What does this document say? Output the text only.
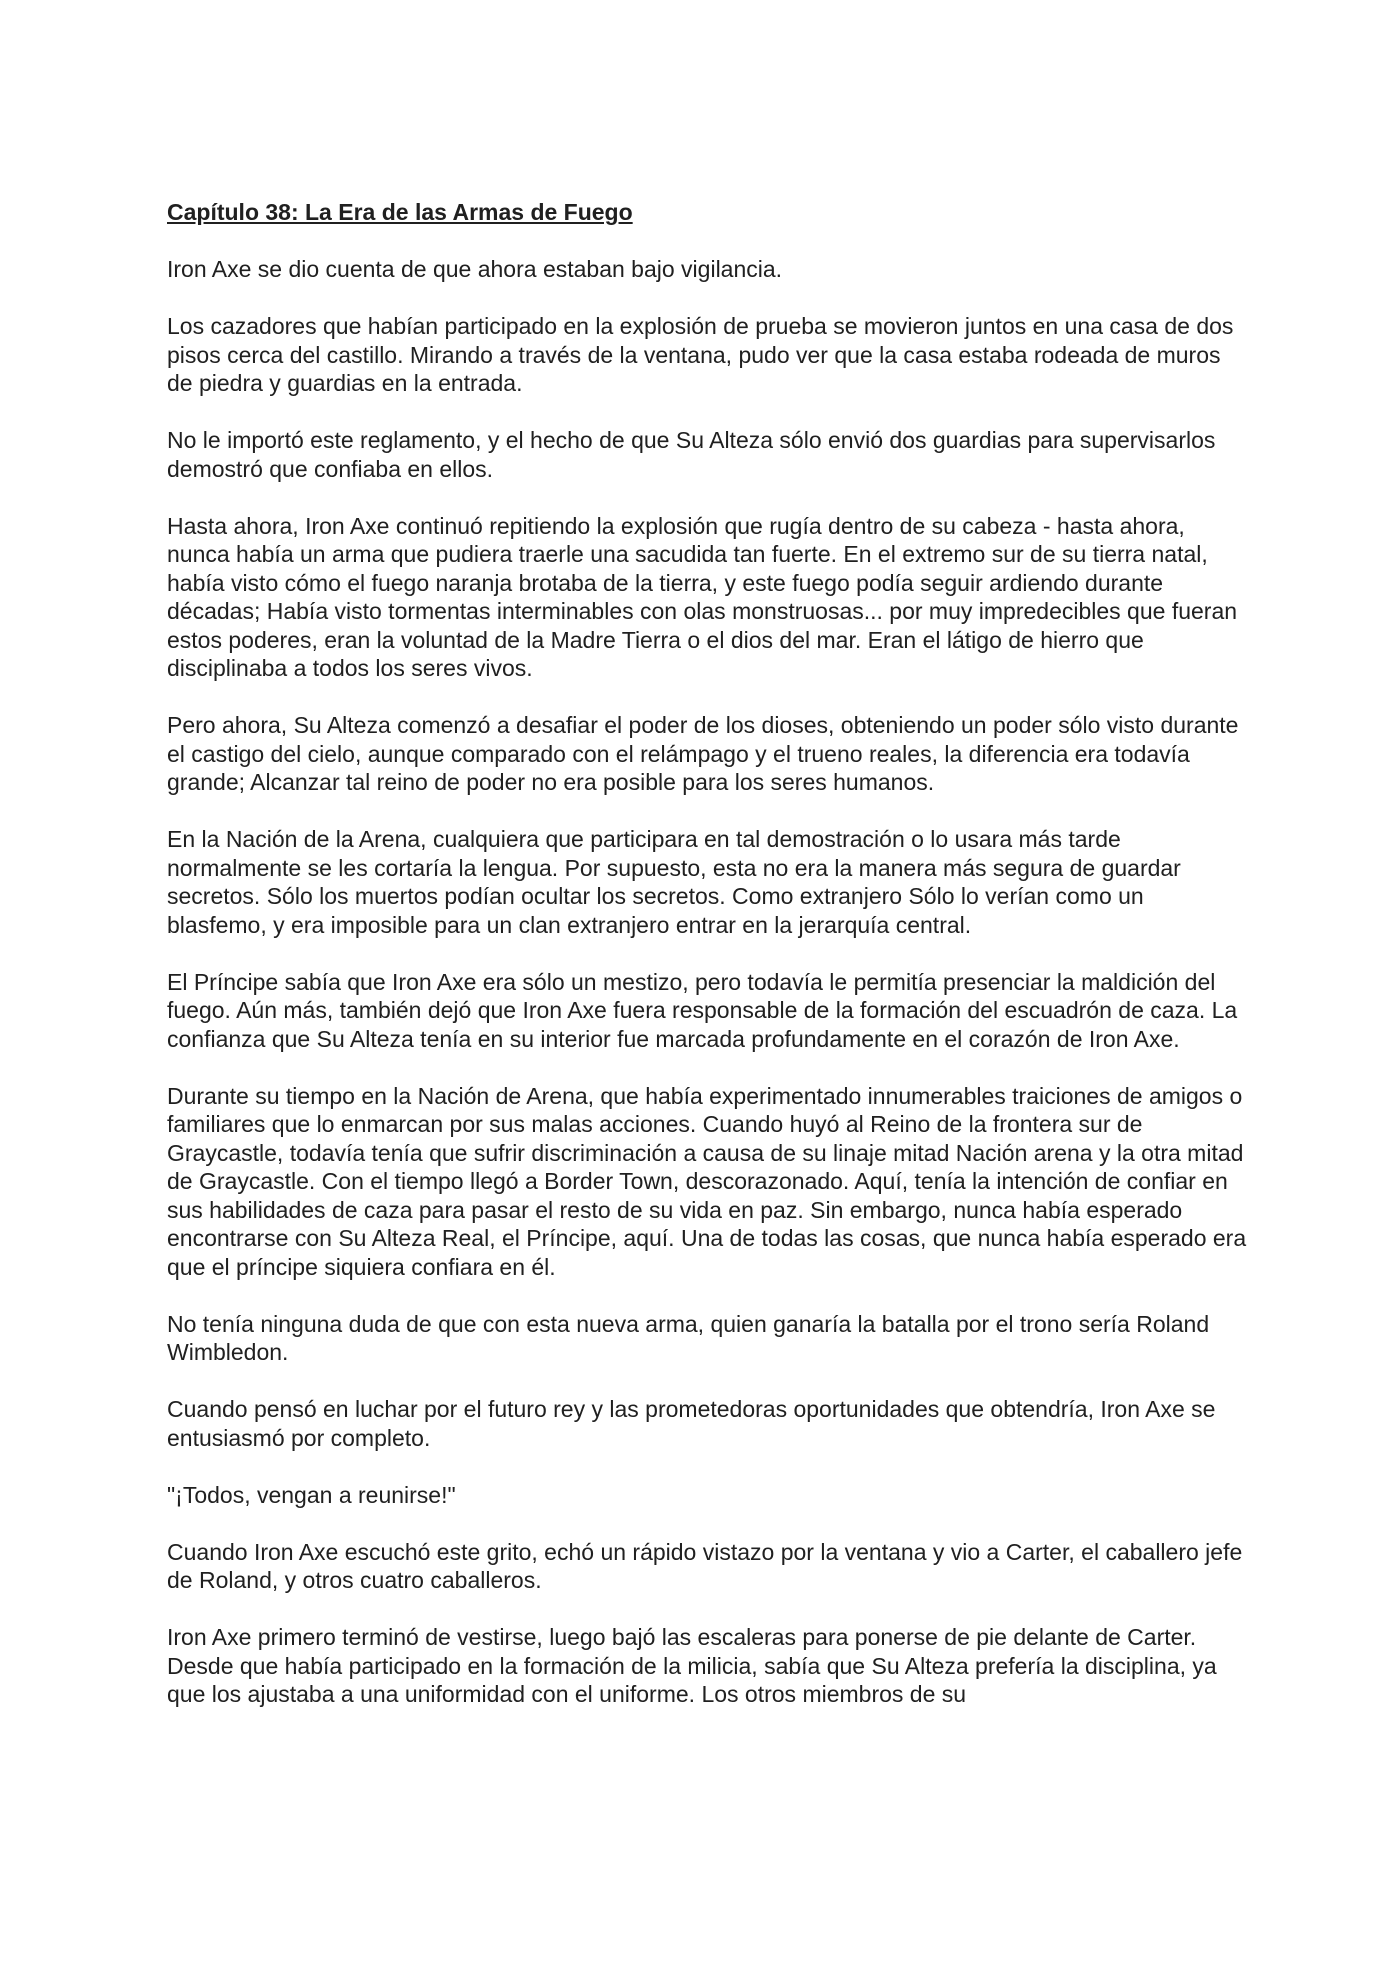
Capítulo 38: La Era de las Armas de Fuego

Iron Axe se dio cuenta de que ahora estaban bajo vigilancia.

Los cazadores que habían participado en la explosión de prueba se movieron juntos en una casa de dos pisos cerca del castillo. Mirando a través de la ventana, pudo ver que la casa estaba rodeada de muros de piedra y guardias en la entrada.

No le importó este reglamento, y el hecho de que Su Alteza sólo envió dos guardias para supervisarlos demostró que confiaba en ellos.

Hasta ahora, Iron Axe continuó repitiendo la explosión que rugía dentro de su cabeza - hasta ahora, nunca había un arma que pudiera traerle una sacudida tan fuerte. En el extremo sur de su tierra natal, había visto cómo el fuego naranja brotaba de la tierra, y este fuego podía seguir ardiendo durante décadas; Había visto tormentas interminables con olas monstruosas... por muy impredecibles que fueran estos poderes, eran la voluntad de la Madre Tierra o el dios del mar. Eran el látigo de hierro que disciplinaba a todos los seres vivos.

Pero ahora, Su Alteza comenzó a desafiar el poder de los dioses, obteniendo un poder sólo visto durante el castigo del cielo, aunque comparado con el relámpago y el trueno reales, la diferencia era todavía grande; Alcanzar tal reino de poder no era posible para los seres humanos.

En la Nación de la Arena, cualquiera que participara en tal demostración o lo usara más tarde normalmente se les cortaría la lengua. Por supuesto, esta no era la manera más segura de guardar secretos. Sólo los muertos podían ocultar los secretos. Como extranjero Sólo lo verían como un blasfemo, y era imposible para un clan extranjero entrar en la jerarquía central.

El Príncipe sabía que Iron Axe era sólo un mestizo, pero todavía le permitía presenciar la maldición del fuego. Aún más, también dejó que Iron Axe fuera responsable de la formación del escuadrón de caza. La confianza que Su Alteza tenía en su interior fue marcada profundamente en el corazón de Iron Axe.

Durante su tiempo en la Nación de Arena, que había experimentado innumerables traiciones de amigos o familiares que lo enmarcan por sus malas acciones. Cuando huyó al Reino de la frontera sur de Graycastle, todavía tenía que sufrir discriminación a causa de su linaje mitad Nación arena y la otra mitad de Graycastle. Con el tiempo llegó a Border Town, descorazonado. Aquí, tenía la intención de confiar en sus habilidades de caza para pasar el resto de su vida en paz. Sin embargo, nunca había esperado encontrarse con Su Alteza Real, el Príncipe, aquí. Una de todas las cosas, que nunca había esperado era que el príncipe siquiera confiara en él.

No tenía ninguna duda de que con esta nueva arma, quien ganaría la batalla por el trono sería Roland Wimbledon.

Cuando pensó en luchar por el futuro rey y las prometedoras oportunidades que obtendría, Iron Axe se entusiasmó por completo.

"¡Todos, vengan a reunirse!"

Cuando Iron Axe escuchó este grito, echó un rápido vistazo por la ventana y vio a Carter, el caballero jefe de Roland, y otros cuatro caballeros.

Iron Axe primero terminó de vestirse, luego bajó las escaleras para ponerse de pie delante de Carter. Desde que había participado en la formación de la milicia, sabía que Su Alteza prefería la disciplina, ya que los ajustaba a una uniformidad con el uniforme. Los otros miembros de su
